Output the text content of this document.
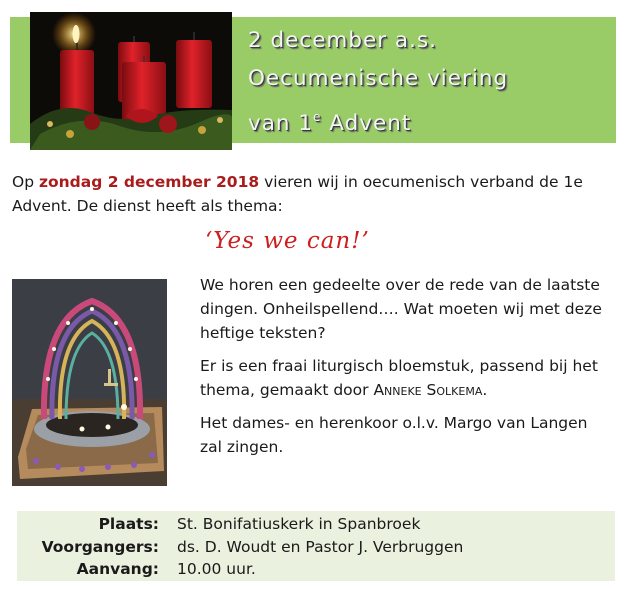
2 december a.s.
Oecumenische viering
van 1e Advent
Op zondag 2 december 2018 vieren wij in oecumenisch verband de 1e Advent. De dienst heeft als thema:
‘Yes we can!’

We horen een gedeelte over de rede van de laatste dingen. Onheilspellend…. Wat moeten wij met deze heftige teksten?

Er is een fraai liturgisch bloemstuk, passend bij het thema, gemaakt door Anneke Solkema.

Het dames- en herenkoor o.l.v. Margo van Langen zal zingen.

Plaats: St. Bonifatiuskerk in Spanbroek
Voorgangers: ds. D. Woudt en Pastor J. Verbruggen
Aanvang: 10.00 uur.
